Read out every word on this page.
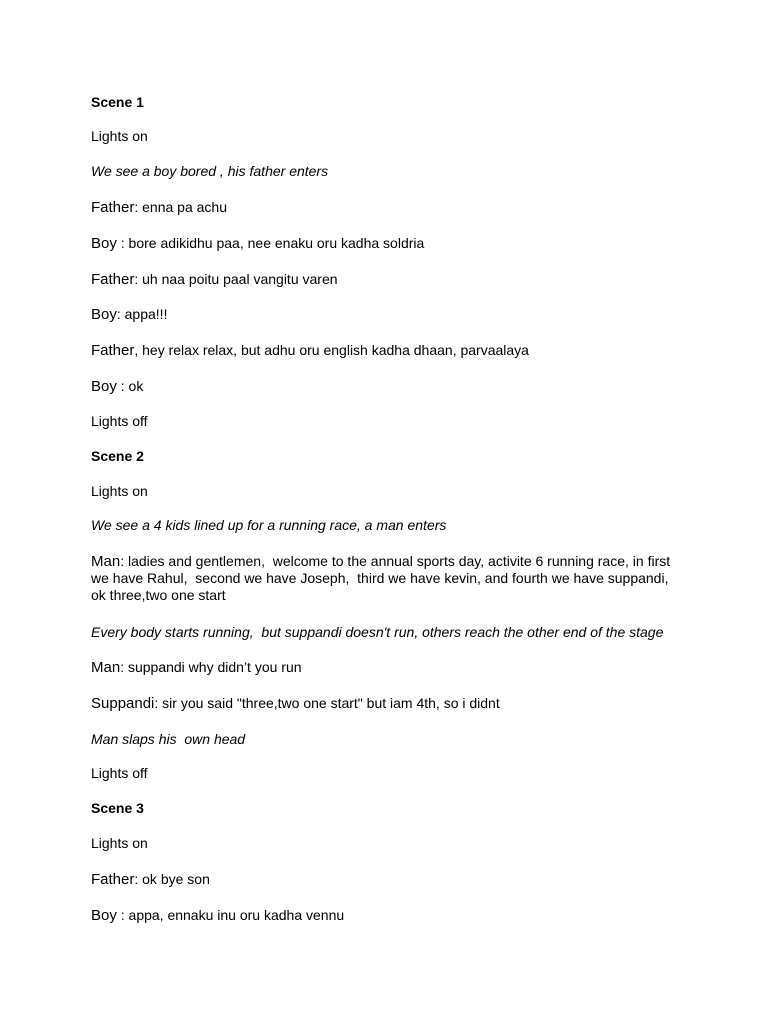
Scene 1
Lights on
We see a boy bored , his father enters
Father: enna pa achu
Boy : bore adikidhu paa, nee enaku oru kadha soldria
Father: uh naa poitu paal vangitu varen
Boy: appa!!!
Father, hey relax relax, but adhu oru english kadha dhaan, parvaalaya
Boy : ok
Lights off
Scene 2
Lights on
We see a 4 kids lined up for a running race, a man enters
Man: ladies and gentlemen,  welcome to the annual sports day, activite 6 running race, in first we have Rahul,  second we have Joseph,  third we have kevin, and fourth we have suppandi, ok three,two one start
Every body starts running,  but suppandi doesn't run, others reach the other end of the stage
Man: suppandi why didn’t you run
Suppandi: sir you said "three,two one start" but iam 4th, so i didnt
Man slaps his  own head
Lights off
Scene 3
Lights on
Father: ok bye son
Boy : appa, ennaku inu oru kadha vennu
